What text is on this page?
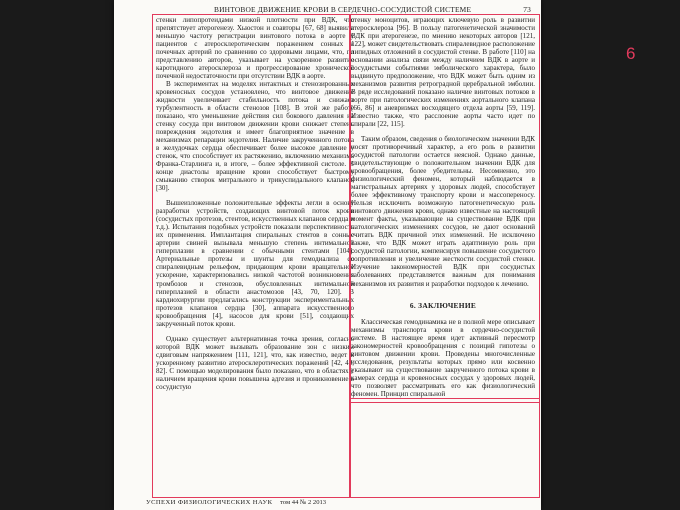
ВИНТОВОЕ ДВИЖЕНИЕ КРОВИ В СЕРДЕЧНО-СОСУДИСТОЙ СИСТЕМЕ	73

стенки липопротеидами низкой плотности при ВДК, что препятствует атерогенезу. Хьюстон и соавторы [67, 68] выявили меньшую частоту регистрации винтового потока в аорте у пациентов с атеросклеротическим поражением сонных и почечных артерий по сравнению со здоровыми лицами, что, по представлению авторов, указывает на ускоренное развитие каротидного атеросклероза и прогрессирование хронической почечной недостаточности при отсутствии ВДК в аорте.

В экспериментах на моделях интактных и стенозированных кровеносных сосудов установлено, что винтовое движение жидкости увеличивает стабильность потока и снижает турбулентность в области стенозов [108]. В этой же работе показано, что уменьшение действия сил бокового давления на стенку сосуда при винтовом движении крови снижает степень повреждения эндотелия и имеет благоприятное значение в механизмах репарации эндотелия. Наличие закрученного потока в желудочках сердца обеспечивает более высокое давление у стенок, что способствует их растяжению, включению механизма Франка-Старлинга и, в итоге, – более эффективной систоле. В конце диастолы вращение крови способствует быстрому смыканию створок митрального и трикуспидального клапанов [30].

Вышеизложенные положительные эффекты легли в основу разработки устройств, создающих винтовой поток крови (сосудистых протезов, стентов, искусственных клапанов сердца и т.д.). Испытания подобных устройств показали перспективность их применения. Имплантация спиральных стентов в сонные артерии свиней вызывала меньшую степень интимальной гиперплазии в сравнении с обычными стентами [104]. Артериальные протезы и шунты для гемодиализа со спиралевидным рельефом, придающим крови вращательное ускорение, характеризовались низкой частотой возникновения тромбозов и стенозов, обусловленных интимальной гиперплазией в области анастомозов [43, 70, 120]. В кардиохирургии предлагались конструкции экспериментальных протезов клапанов сердца [30], аппарата искусственного кровообращения [4], насосов для крови [51], создающих закрученный поток крови.

Однако существует альтернативная точка зрения, согласно которой ВДК может вызывать образование зон с низким сдвиговым напряжением [111, 121], что, как известно, ведет к ускоренному развитию атеросклеротических поражений [42, 48, 82]. С помощью моделирования было показано, что в областях с наличием вращения крови повышена адгезия и проникновение в сосудистую

стенку моноцитов, играющих ключевую роль в развитии атеросклероза [96]. В пользу патогенетической значимости ВДК при атерогенезе, по мнению некоторых авторов [121, 122], может свидетельствовать спиралевидное расположение липидных отложений в сосудистой стенке. В работе [110] на основании анализа связи между наличием ВДК в аорте и сосудистыми событиями эмболического характера, было выдвинуто предположение, что ВДК может быть одним из механизмов развития ретроградной церебральной эмболии. В ряде исследований показано наличие винтовых потоков в аорте при патологических изменениях аортального клапана [66, 86] и аневризмах восходящего отдела аорты [59, 119]. Известно также, что расслоение аорты часто идет по спирали [22, 115].

Таким образом, сведения о биологическом значении ВДК носят противоречивый характер, а его роль в развитии сосудистой патологии остается неясной. Однако данные, свидетельствующие о положительном значении ВДК для кровообращения, более убедительны. Несомненно, это физиологический феномен, который наблюдается в магистральных артериях у здоровых людей, способствует более эффективному транспорту крови и массопереносу. Нельзя исключить возможную патогенетическую роль винтового движения крови, однако известные на настоящий момент факты, указывающие на существование ВДК при патологических изменениях сосудов, не дают оснований считать ВДК причиной этих изменений. Не исключено также, что ВДК может играть адаптивную роль при сосудистой патологии, компенсируя повышение сосудистого сопротивления и увеличение жесткости сосудистой стенки. Изучение закономерностей ВДК при сосудистых заболеваниях представляется важным для понимания механизмов их развития и разработки подходов к лечению.

6. ЗАКЛЮЧЕНИЕ

Классическая гемодинамика не в полной мере описывает механизмы транспорта крови в сердечно-сосудистой системе. В настоящее время идет активный пересмотр закономерностей кровообращения с позиций гипотезы о винтовом движении крови. Проведены многочисленные исследования, результаты которых прямо или косвенно указывают на существование закрученного потока крови в камерах сердца и кровеносных сосудах у здоровых людей, что позволяет рассматривать его как физиологический феномен. Принцип спиральной

УСПЕХИ ФИЗИОЛОГИЧЕСКИХ НАУК том 44 № 2 2013
6
